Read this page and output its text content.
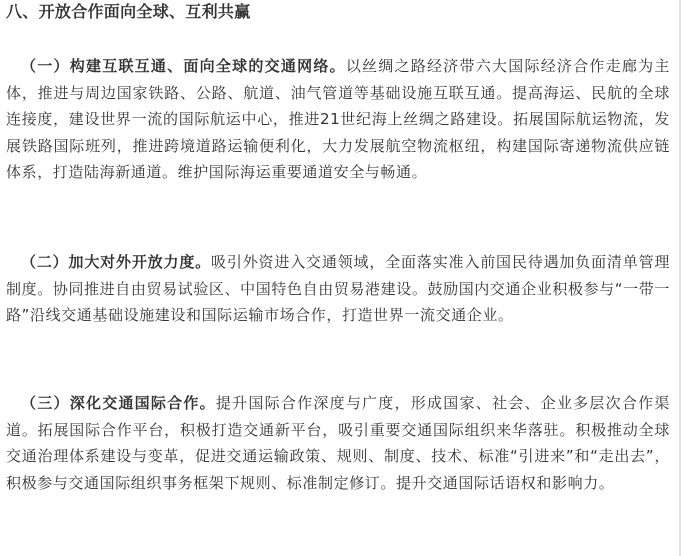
八、开放合作面向全球、互利共赢

（一）构建互联互通、面向全球的交通网络。以丝绸之路经济带六大国际经济合作走廊为主体，推进与周边国家铁路、公路、航道、油气管道等基础设施互联互通。提高海运、民航的全球连接度，建设世界一流的国际航运中心，推进21世纪海上丝绸之路建设。拓展国际航运物流，发展铁路国际班列，推进跨境道路运输便利化，大力发展航空物流枢纽，构建国际寄递物流供应链体系，打造陆海新通道。维护国际海运重要通道安全与畅通。

（二）加大对外开放力度。吸引外资进入交通领域，全面落实准入前国民待遇加负面清单管理制度。协同推进自由贸易试验区、中国特色自由贸易港建设。鼓励国内交通企业积极参与“一带一路”沿线交通基础设施建设和国际运输市场合作，打造世界一流交通企业。

（三）深化交通国际合作。提升国际合作深度与广度，形成国家、社会、企业多层次合作渠道。拓展国际合作平台，积极打造交通新平台，吸引重要交通国际组织来华落驻。积极推动全球交通治理体系建设与变革，促进交通运输政策、规则、制度、技术、标准“引进来”和“走出去”，积极参与交通国际组织事务框架下规则、标准制定修订。提升交通国际话语权和影响力。
